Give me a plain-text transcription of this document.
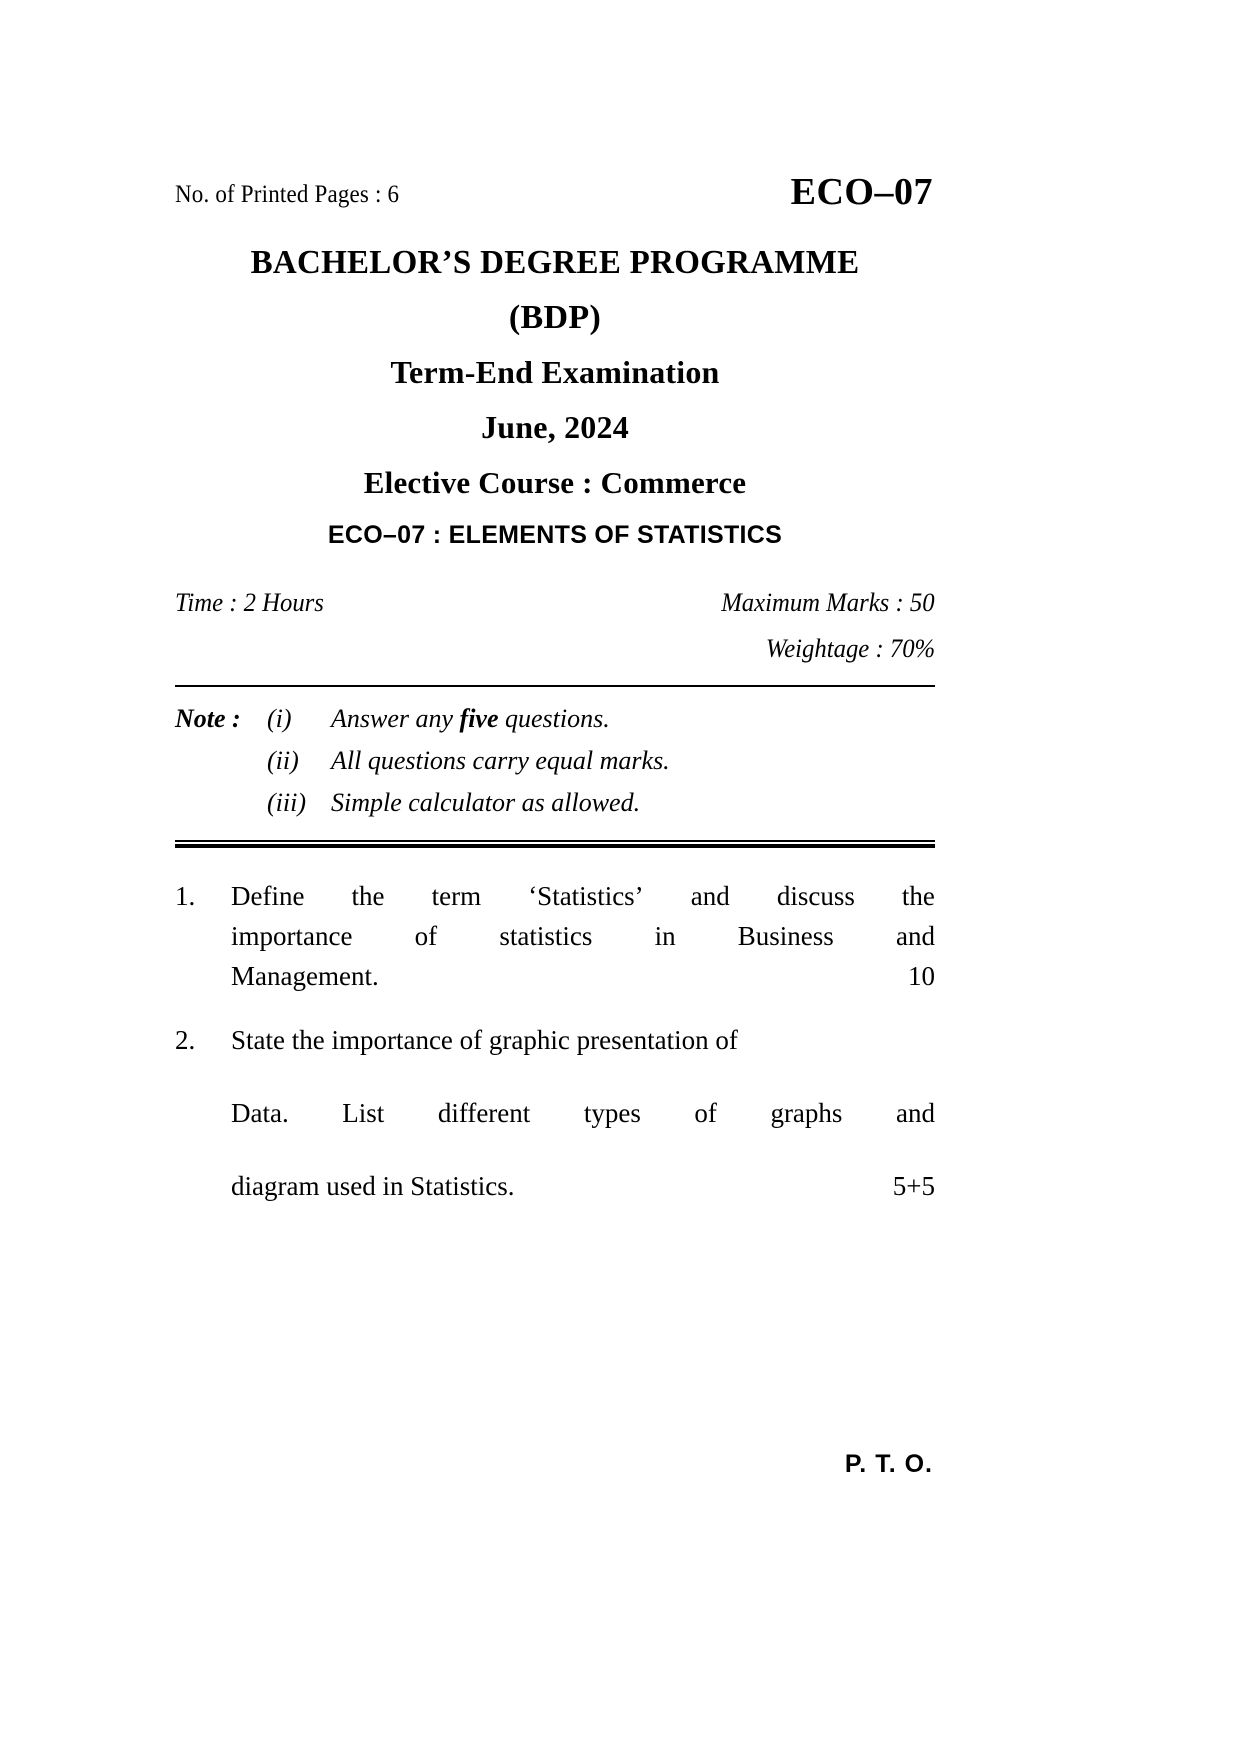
No. of Printed Pages : 6	ECO–07
BACHELOR’S DEGREE PROGRAMME
(BDP)
Term-End Examination
June, 2024
Elective Course : Commerce
ECO–07 : ELEMENTS OF STATISTICS
Time : 2 Hours	Maximum Marks : 50
Weightage : 70%
Note :	(i)	Answer any five questions.
(ii)	All questions carry equal marks.
(iii) Simple calculator as allowed.
1.	Define the term ‘Statistics’ and discuss the
importance of statistics in Business and
Management.	10
2.	State the importance of graphic presentation of
Data. List different types of graphs and
diagram used in Statistics.	5+5
P. T. O.
